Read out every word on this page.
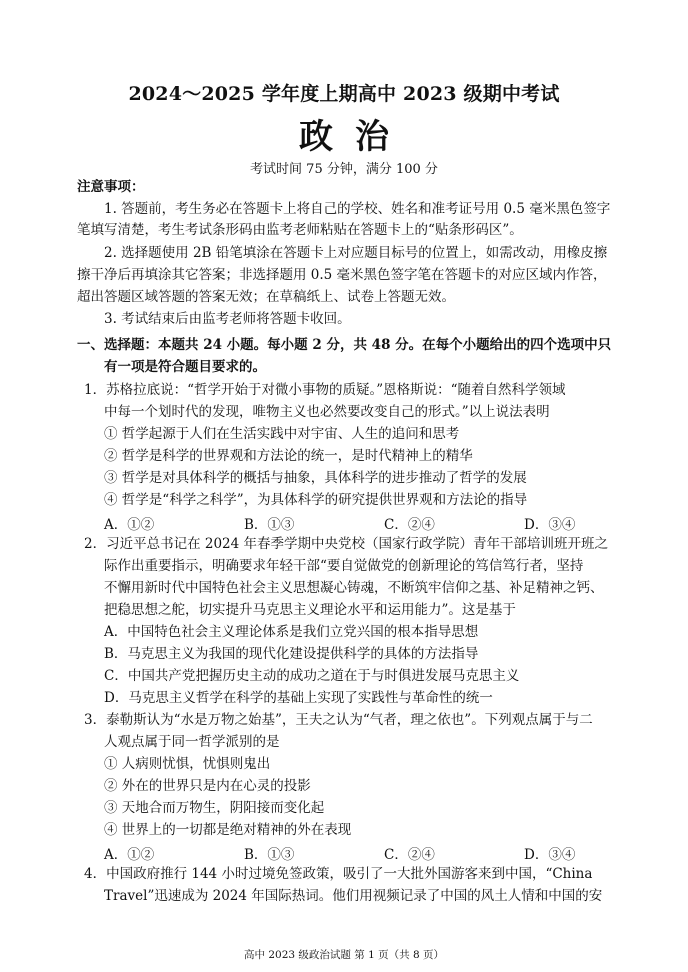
2024～2025 学年度上期高中 2023 级期中考试
政治
考试时间 75 分钟，满分 100 分
注意事项：
1. 答题前，考生务必在答题卡上将自己的学校、姓名和准考证号用 0.5 毫米黑色签字
笔填写清楚，考生考试条形码由监考老师粘贴在答题卡上的“贴条形码区”。
2. 选择题使用 2B 铅笔填涂在答题卡上对应题目标号的位置上，如需改动，用橡皮擦
擦干净后再填涂其它答案；非选择题用 0.5 毫米黑色签字笔在答题卡的对应区域内作答，
超出答题区域答题的答案无效；在草稿纸上、试卷上答题无效。
3. 考试结束后由监考老师将答题卡收回。
一、选择题：本题共 24 小题。每小题 2 分，共 48 分。在每个小题给出的四个选项中只
有一项是符合题目要求的。
1．苏格拉底说：“哲学开始于对微小事物的质疑。”恩格斯说：“随着自然科学领域
中每一个划时代的发现，唯物主义也必然要改变自己的形式。”以上说法表明
① 哲学起源于人们在生活实践中对宇宙、人生的追问和思考
② 哲学是科学的世界观和方法论的统一，是时代精神上的精华
③ 哲学是对具体科学的概括与抽象，具体科学的进步推动了哲学的发展
④ 哲学是“科学之科学”，为具体科学的研究提供世界观和方法论的指导
A．①②	B．①③	C．②④	D．③④
2．习近平总书记在 2024 年春季学期中央党校（国家行政学院）青年干部培训班开班之
际作出重要指示，明确要求年轻干部“要自觉做党的创新理论的笃信笃行者，坚持
不懈用新时代中国特色社会主义思想凝心铸魂，不断筑牢信仰之基、补足精神之钙、
把稳思想之舵，切实提升马克思主义理论水平和运用能力”。这是基于
A．中国特色社会主义理论体系是我们立党兴国的根本指导思想
B．马克思主义为我国的现代化建设提供科学的具体的方法指导
C．中国共产党把握历史主动的成功之道在于与时俱进发展马克思主义
D．马克思主义哲学在科学的基础上实现了实践性与革命性的统一
3．泰勒斯认为“水是万物之始基”，王夫之认为“气者，理之依也”。下列观点属于与二
人观点属于同一哲学派别的是
① 人病则忧惧，忧惧则鬼出
② 外在的世界只是内在心灵的投影
③ 天地合而万物生，阴阳接而变化起
④ 世界上的一切都是绝对精神的外在表现
A．①②	B．①③	C．②④	D．③④
4．中国政府推行 144 小时过境免签政策，吸引了一大批外国游客来到中国，“China
Travel”迅速成为 2024 年国际热词。他们用视频记录了中国的风土人情和中国的安
高中 2023 级政治试题 第 1 页（共 8 页）
